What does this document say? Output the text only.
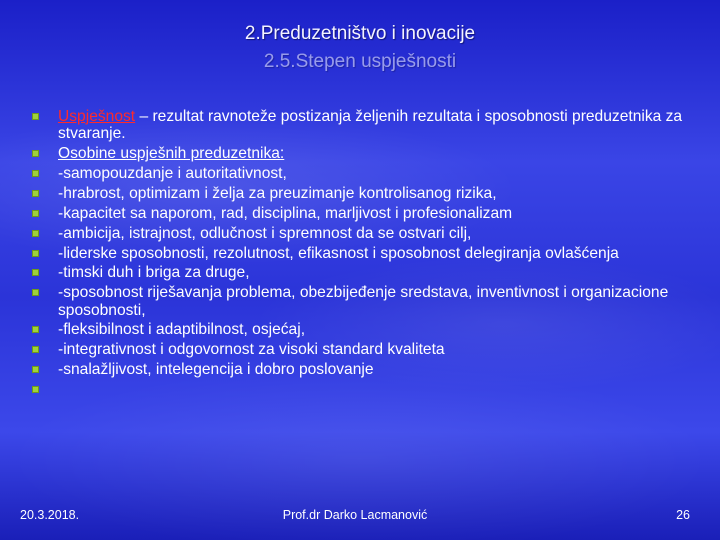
2.Preduzetništvo i inovacije
2.5.Stepen uspješnosti
Uspješnost – rezultat ravnoteže postizanja željenih rezultata i sposobnosti preduzetnika za stvaranje.
Osobine uspješnih preduzetnika:
-samopouzdanje i autoritativnost,
-hrabrost, optimizam i želja za preuzimanje kontrolisanog rizika,
-kapacitet sa naporom, rad, disciplina, marljivost i profesionalizam
-ambicija, istrajnost, odlučnost i spremnost da se ostvari cilj,
-liderske sposobnosti, rezolutnost, efikasnost i sposobnost delegiranja ovlašćenja
-timski duh i briga za druge,
-sposobnost riješavanja problema, obezbijeđenje sredstava, inventivnost i organizacione sposobnosti,
-fleksibilnost i adaptibilnost, osjećaj,
-integrativnost i odgovornost za visoki standard kvaliteta
-snalažljivost, intelegencija i dobro poslovanje

20.3.2018.	Prof.dr Darko Lacmanović	26
